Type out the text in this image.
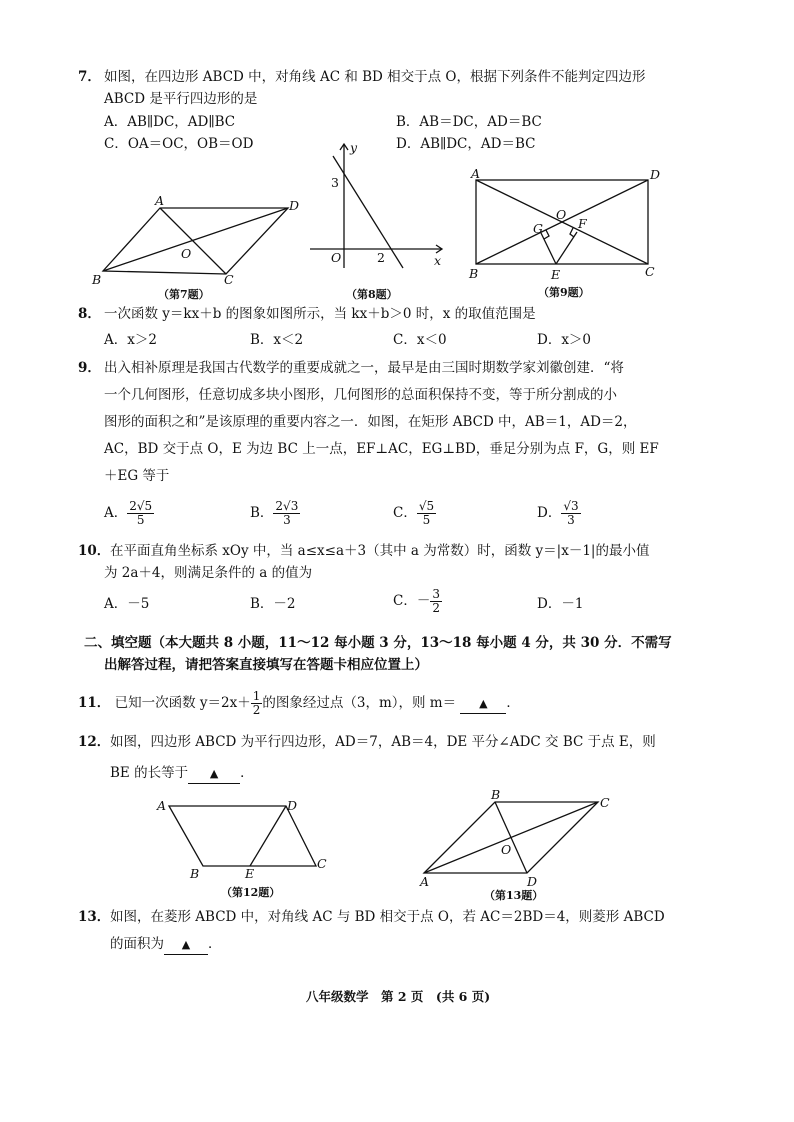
7． 如图，在四边形 ABCD 中，对角线 AC 和 BD 相交于点 O，根据下列条件不能判定四边形
ABCD 是平行四边形的是
A．AB∥DC，AD∥BC	B．AB＝DC，AD＝BC
C．OA＝OC，OB＝OD	D．AB∥DC，AD＝BC
A	D
B	C
O
（第7题）
y
x
O
3
2
（第8题）
A	D
B	C
O
G	F
E
（第9题）
8． 一次函数 y＝kx＋b 的图象如图所示，当 kx＋b＞0 时，x 的取值范围是
A．x＞2	B．x＜2	C．x＜0	D．x＞0
9． 出入相补原理是我国古代数学的重要成就之一，最早是由三国时期数学家刘徽创建．“将
一个几何图形，任意切成多块小图形，几何图形的总面积保持不变，等于所分割成的小
图形的面积之和”是该原理的重要内容之一．如图，在矩形 ABCD 中，AB＝1，AD＝2，
AC，BD 交于点 O，E 为边 BC 上一点，EF⊥AC，EG⊥BD，垂足分别为点 F，G，则 EF
＋EG 等于
A． $\frac{2√5}{5}$	B． $\frac{2√3}{3}$	C． $\frac{√5}{5}$	D． $\frac{√3}{3}$
10． 在平面直角坐标系 xOy 中，当 a≤x≤a＋3（其中 a 为常数）时，函数 y＝|x－1|的最小值
为 2a＋4，则满足条件的 a 的值为
A．－5	B．－2	C．－ $\frac{3}{2}$	D．－1
二、填空题（本大题共 8 小题，11～12 每小题 3 分，13～18 每小题 4 分，共 30 分．不需写
出解答过程，请把答案直接填写在答题卡相应位置上）
11． 已知一次函数 $y=2x+ \frac{1}{2}$ 的图象经过点（3，m），则 m＝ ▲ ．
12． 如图，四边形 ABCD 为平行四边形，AD＝7，AB＝4，DE 平分∠ADC 交 BC 于点 E，则
BE 的长等于 ▲ ．
A	D
B	E
C
（第12题）
B
C
O
A	D
（第13题）
13． 如图，在菱形 ABCD 中，对角线 AC 与 BD 相交于点 O，若 AC＝2BD＝4，则菱形 ABCD
的面积为 ▲ ．
八年级数学　第 2 页　(共 6 页)
